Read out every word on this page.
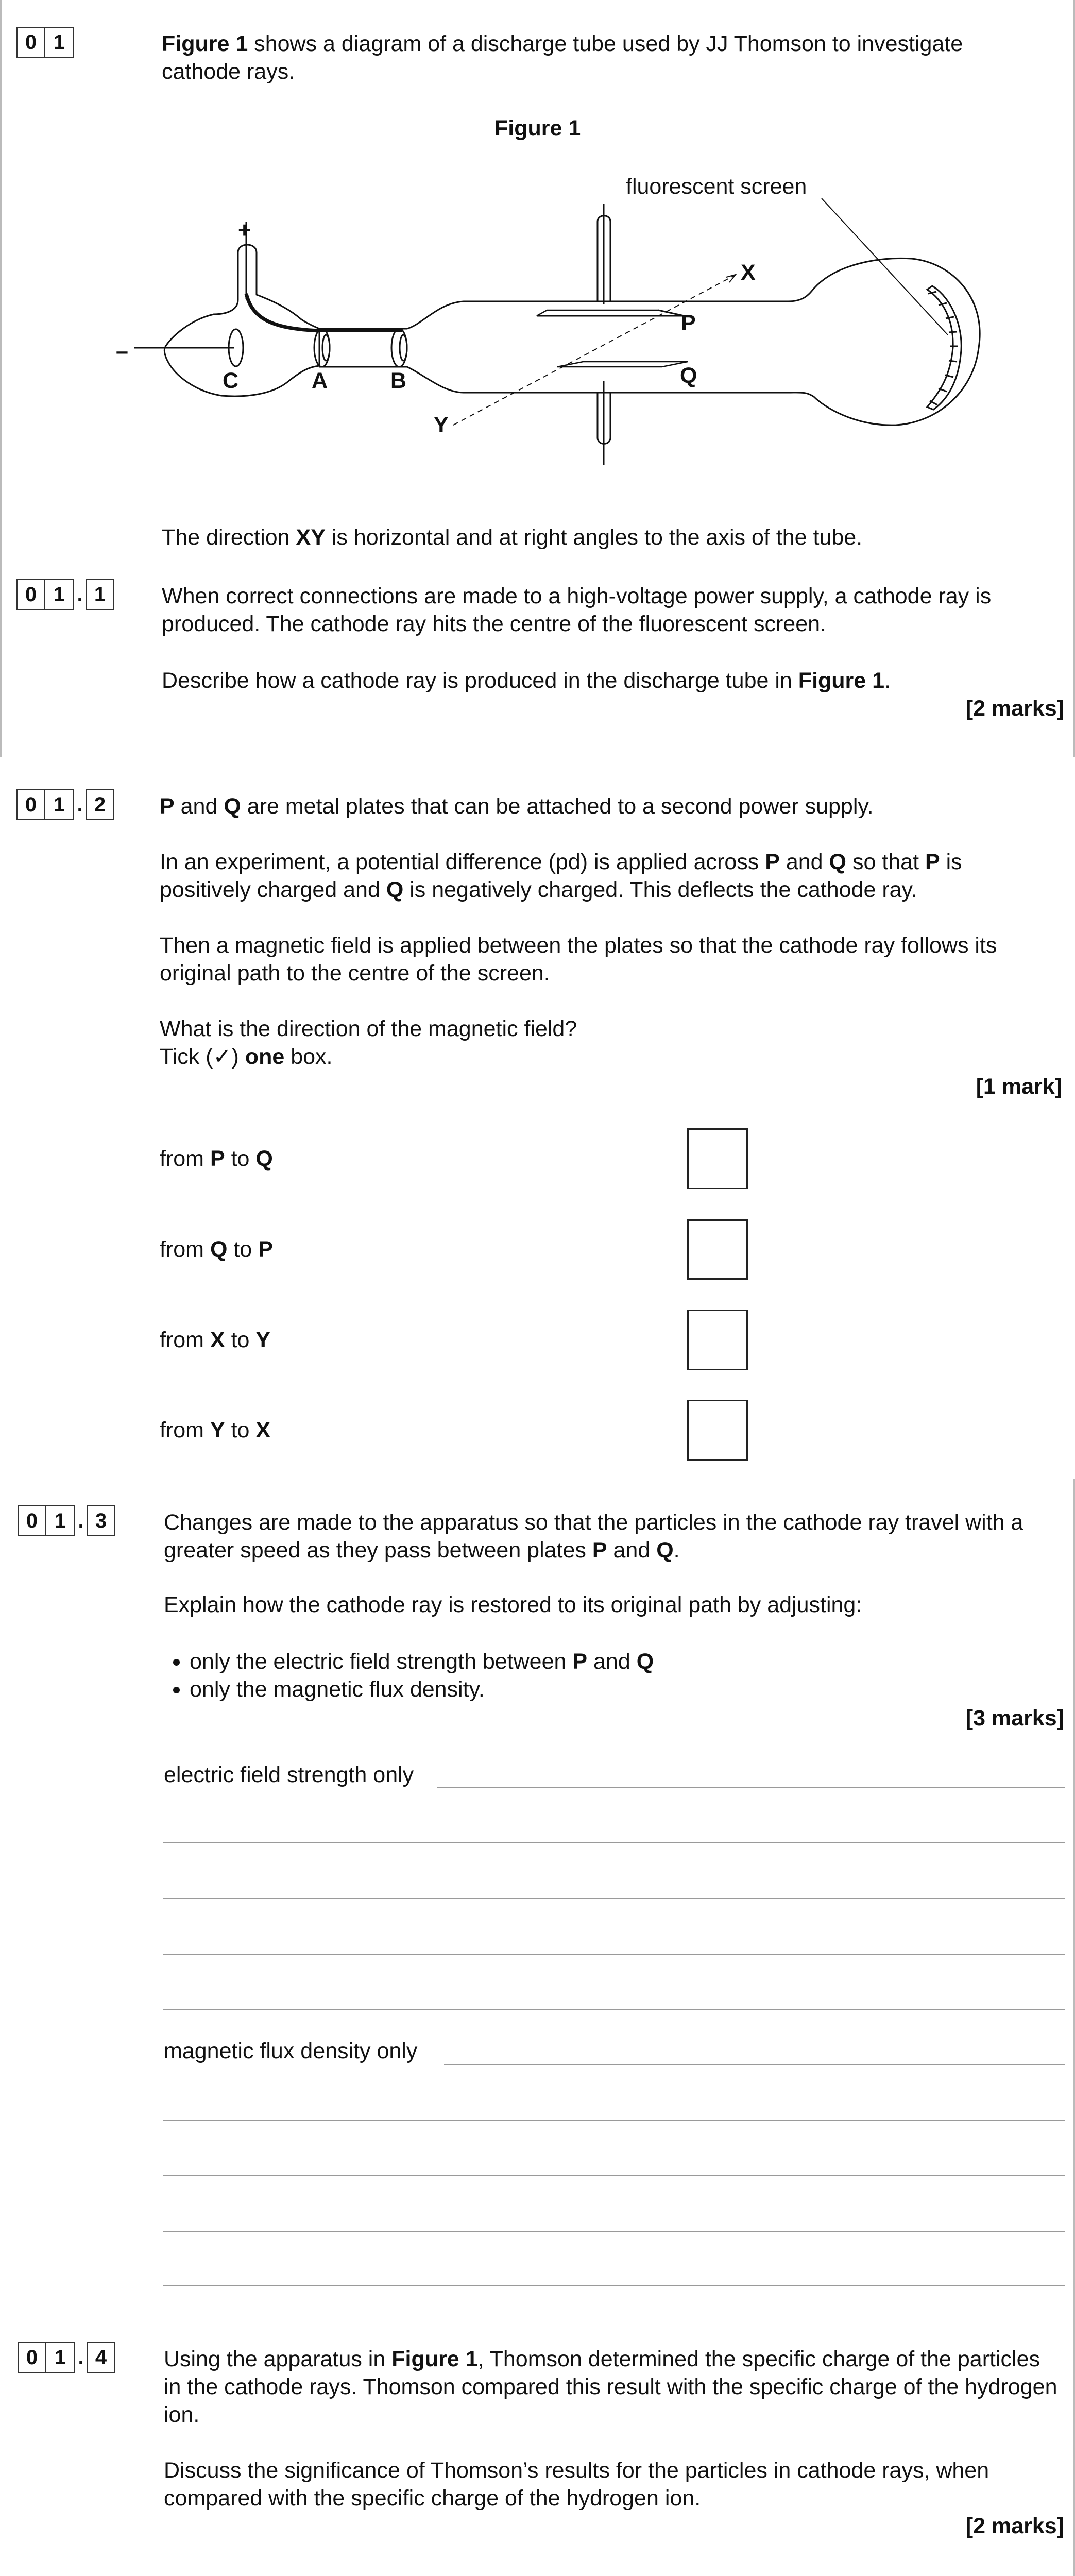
0 1	Figure 1 shows a diagram of a discharge tube used by JJ Thomson to investigate cathode rays.
Figure 1
fluorescent screen
+
–
C	A	B
P
Q
X
Y
The direction XY is horizontal and at right angles to the axis of the tube.
0 1 . 1	When correct connections are made to a high-voltage power supply, a cathode ray is produced. The cathode ray hits the centre of the fluorescent screen.
Describe how a cathode ray is produced in the discharge tube in Figure 1.
[2 marks]
0 1 . 2	P and Q are metal plates that can be attached to a second power supply.
In an experiment, a potential difference (pd) is applied across P and Q so that P is positively charged and Q is negatively charged. This deflects the cathode ray.
Then a magnetic field is applied between the plates so that the cathode ray follows its original path to the centre of the screen.
What is the direction of the magnetic field?
Tick (✓) one box.
[1 mark]
from P to Q
from Q to P
from X to Y
from Y to X
0 1 . 3	Changes are made to the apparatus so that the particles in the cathode ray travel with a greater speed as they pass between plates P and Q.
Explain how the cathode ray is restored to its original path by adjusting:
• only the electric field strength between P and Q
• only the magnetic flux density.
[3 marks]
electric field strength only
magnetic flux density only
0 1 . 4	Using the apparatus in Figure 1, Thomson determined the specific charge of the particles in the cathode rays. Thomson compared this result with the specific charge of the hydrogen ion.
Discuss the significance of Thomson’s results for the particles in cathode rays, when compared with the specific charge of the hydrogen ion.
[2 marks]
